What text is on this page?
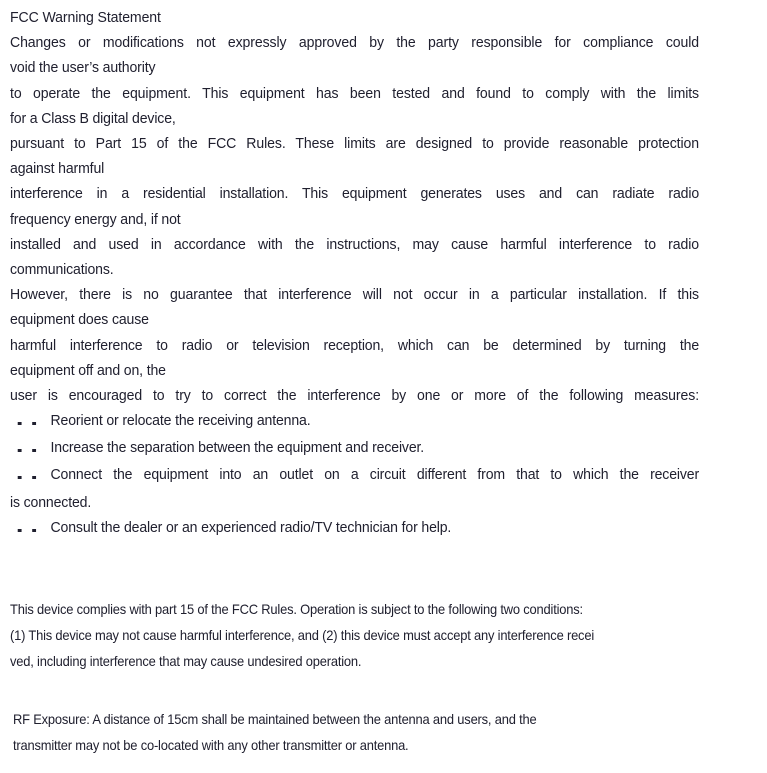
FCC Warning Statement
Changes or modifications not expressly approved by the party responsible for compliance could
void the user’s authority
to operate the equipment. This equipment has been tested and found to comply with the limits
for a Class B digital device,
pursuant to Part 15 of the FCC Rules. These limits are designed to provide reasonable protection
against harmful
interference in a residential installation. This equipment generates uses and can radiate radio
frequency energy and, if not
installed and used in accordance with the instructions, may cause harmful interference to radio
communications.
However, there is no guarantee that interference will not occur in a particular installation. If this
equipment does cause
harmful interference to radio or television reception, which can be determined by turning the
equipment off and on, the
user is encouraged to try to correct the interference by one or more of the following measures:
Reorient or relocate the receiving antenna.
Increase the separation between the equipment and receiver.
Connect the equipment into an outlet on a circuit different from that to which the receiver
is connected.
Consult the dealer or an experienced radio/TV technician for help.
This device complies with part 15 of the FCC Rules. Operation is subject to the following two conditions:
(1) This device may not cause harmful interference, and (2) this device must accept any interference recei
ved, including interference that may cause undesired operation.
RF Exposure: A distance of 15cm shall be maintained between the antenna and users, and the
transmitter may not be co-located with any other transmitter or antenna.
